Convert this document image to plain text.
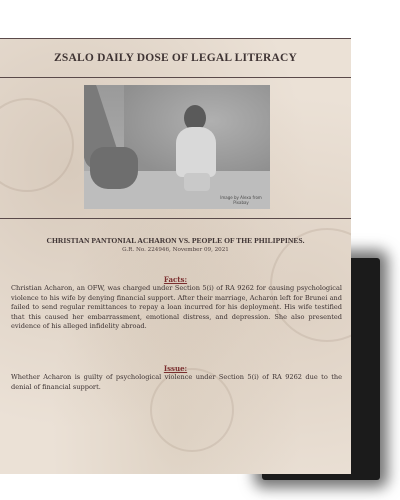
ZSALO DAILY DOSE OF LEGAL LITERACY
Image by Alexa from Pixabay
CHRISTIAN PANTONIAL ACHARON VS. PEOPLE OF THE PHILIPPINES.
G.R. No. 224946, November 09, 2021
Facts:
Christian Acharon, an OFW, was charged under Section 5(i) of RA 9262 for causing psychological violence to his wife by denying financial support. After their marriage, Acharon left for Brunei and failed to send regular remittances to repay a loan incurred for his deployment. His wife testified that this caused her embarrassment, emotional distress, and depression. She also presented evidence of his alleged infidelity abroad.
Issue:
Whether Acharon is guilty of psychological violence under Section 5(i) of RA 9262 due to the denial of financial support.
